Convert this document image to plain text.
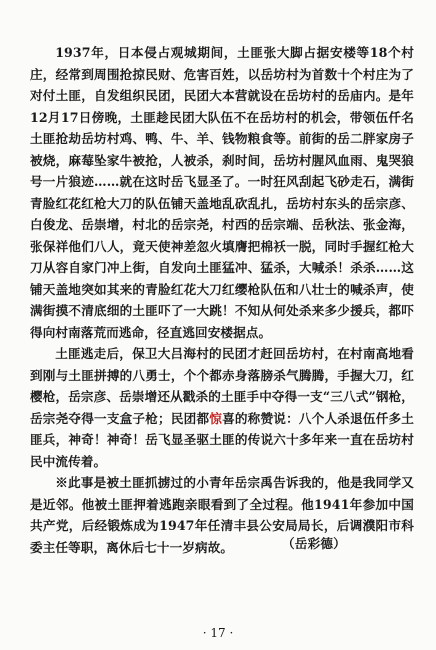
1937年，日本侵占观城期间，土匪张大脚占据安楼等18个村庄，经常到周围抢掠民财、危害百姓，以岳坊村为首数十个村庄为了对付土匪，自发组织民团，民团大本营就设在岳坊村的岳庙内。是年12月17日傍晚，土匪趁民团大队伍不在岳坊村的机会，带领伍仟名土匪抢劫岳坊村鸡、鸭、牛、羊、钱物粮食等。前街的岳二胖家房子被烧，麻莓坠家牛被抢，人被杀，刹时间，岳坊村腥风血雨、鬼哭狼号一片狼迹……就在这时岳飞显圣了。一时狂风刮起飞砂走石，满街青脸红花红枪大刀的队伍铺天盖地乱砍乱扎，岳坊村东头的岳宗彦、白俊龙、岳崇增，村北的岳宗尧，村西的岳宗端、岳秋法、张金海，张保祥他们八人，竟天使神差忽火填膺把棉袄一脱，同时手握红枪大刀从容自家门冲上街，自发向土匪猛冲、猛杀，大喊杀！杀杀……这铺天盖地突如其来的青脸红花大刀红缨枪队伍和八壮士的喊杀声，使满街摸不清底细的土匪吓了一大跳！不知从何处杀来多少援兵，都吓得向村南落荒而逃命，径直逃回安楼据点。

土匪逃走后，保卫大吕海村的民团才赶回岳坊村，在村南高地看到刚与土匪拼搏的八勇士，个个都赤身落膀杀气腾腾，手握大刀，红樱枪，岳宗彦、岳崇增还从戳杀的土匪手中夺得一支“三八式”钢枪，岳宗尧夺得一支盒子枪；民团都惊喜的称赞说：八个人杀退伍仟多土匪兵，神奇！神奇！岳飞显圣驱土匪的传说六十多年来一直在岳坊村民中流传着。

※此事是被土匪抓掳过的小青年岳宗禹告诉我的，他是我同学又是近邻。他被土匪押着逃跑亲眼看到了全过程。他1941年参加中国共产党，后经锻炼成为1947年任清丰县公安局局长，后调濮阳市科委主任等职，离休后七十一岁病故。	（岳彩德）
· 17 ·
